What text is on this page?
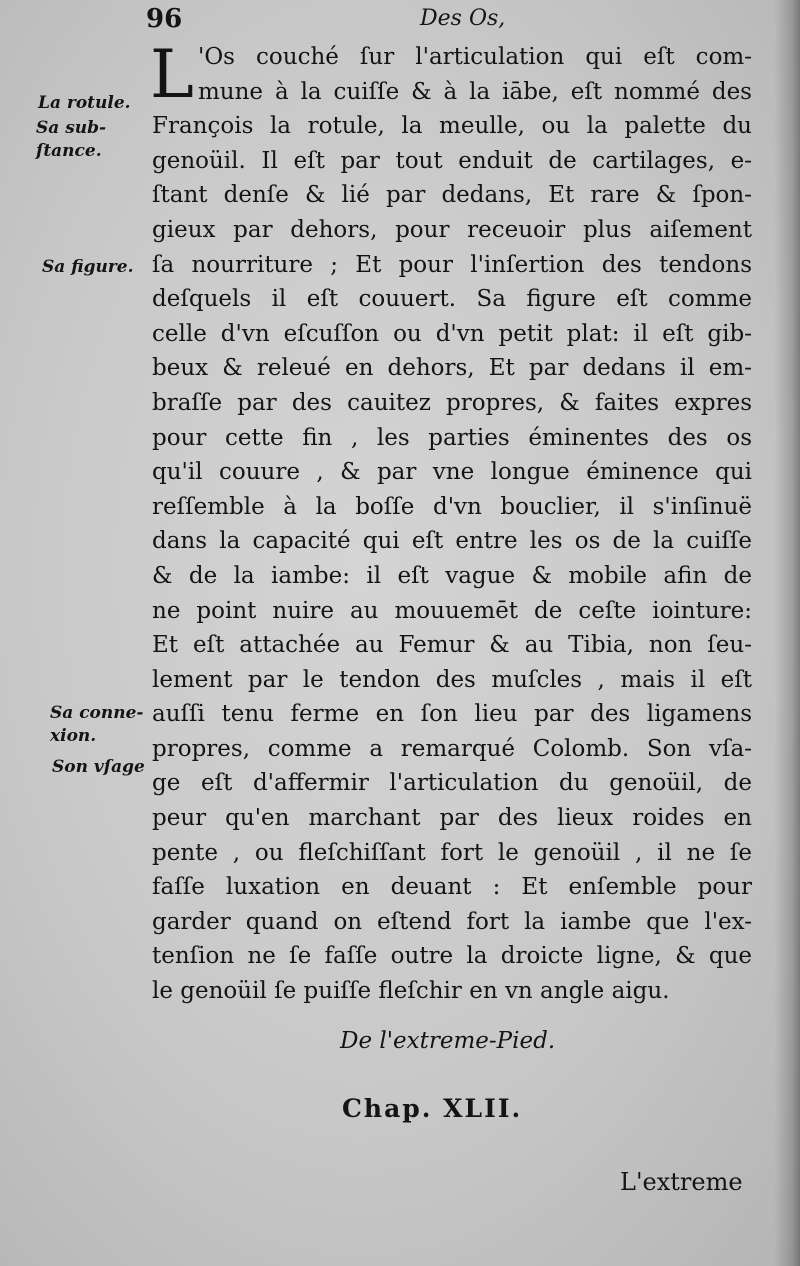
96	Des Os,
La rotule.
Sa sub-
ſtance.
Sa figure.
Sa conne-
xion.
Son vſage
L 'Os couché ſur l'articulation qui eſt com-
mune à la cuiſſe & à la iābe, eſt nommé des
François la rotule, la meulle, ou la palette du
genoüil. Il eſt par tout enduit de cartilages, e-
ſtant denſe & lié par dedans, Et rare & ſpon-
gieux par dehors, pour receuoir plus aiſement
ſa nourriture ; Et pour l'inſertion des tendons
deſquels il eſt couuert. Sa figure eſt comme
celle d'vn eſcuſſon ou d'vn petit plat: il eſt gib-
beux & releué en dehors, Et par dedans il em-
braſſe par des cauitez propres, & faites expres
pour cette fin , les parties éminentes des os
qu'il couure , & par vne longue éminence qui
reſſemble à la boſſe d'vn bouclier, il s'inſinuë
dans la capacité qui eſt entre les os de la cuiſſe
& de la iambe: il eſt vague & mobile afin de
ne point nuire au mouuemēt de ceſte iointure:
Et eſt attachée au Femur & au Tibia, non ſeu-
lement par le tendon des muſcles , mais il eſt
auſſi tenu ferme en ſon lieu par des ligamens
propres, comme a remarqué Colomb. Son vſa-
ge eſt d'affermir l'articulation du genoüil, de
peur qu'en marchant par des lieux roides en
pente , ou fleſchiſſant fort le genoüil , il ne ſe
faſſe luxation en deuant : Et enſemble pour
garder quand on eſtend fort la iambe que l'ex-
tenſion ne ſe faſſe outre la droicte ligne, & que
le genoüil ſe puiſſe fleſchir en vn angle aigu.
De l'extreme-Pied.
Chap. XLII.
L'extreme
